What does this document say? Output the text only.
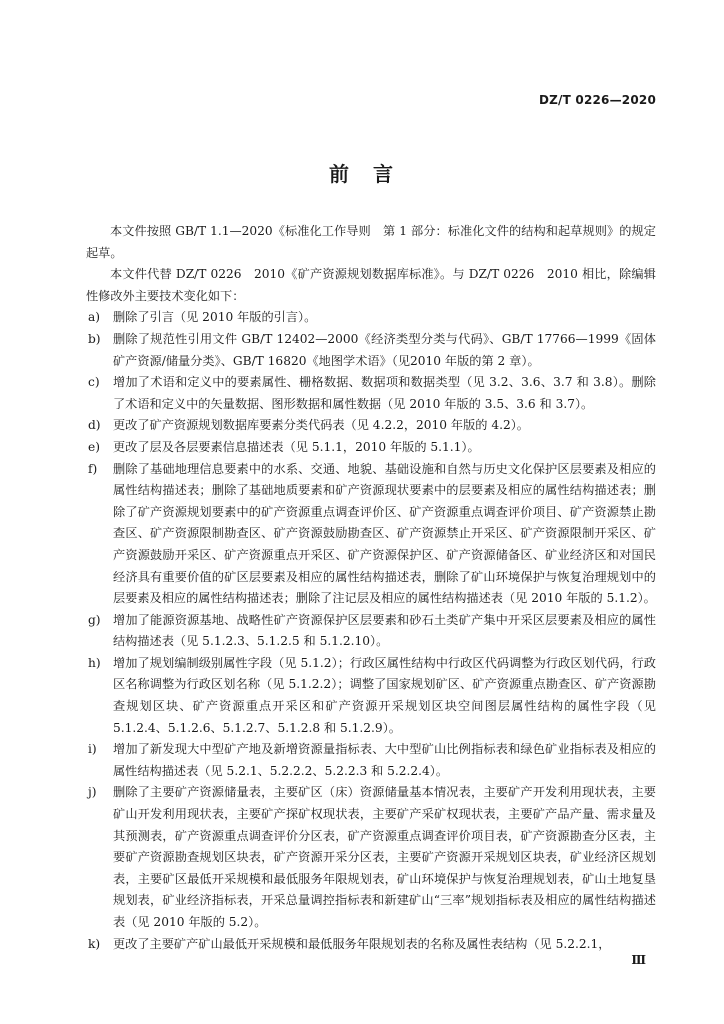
DZ/T 0226—2020
前　言

本文件按照 GB/T 1.1—2020《标准化工作导则　第 1 部分：标准化文件的结构和起草规则》的规定起草。

本文件代替 DZ/T 0226　2010《矿产资源规划数据库标准》。与 DZ/T 0226　2010 相比，除编辑性修改外主要技术变化如下：

a)	删除了引言（见 2010 年版的引言）。
b)	删除了规范性引用文件 GB/T 12402—2000《经济类型分类与代码》、GB/T 17766—1999《固体矿产资源/储量分类》、GB/T 16820《地图学术语》（见2010 年版的第 2 章）。
c)	增加了术语和定义中的要素属性、栅格数据、数据项和数据类型（见 3.2、3.6、3.7 和 3.8）。删除了术语和定义中的矢量数据、图形数据和属性数据（见 2010 年版的 3.5、3.6 和 3.7）。
d)	更改了矿产资源规划数据库要素分类代码表（见 4.2.2，2010 年版的 4.2）。
e)	更改了层及各层要素信息描述表（见 5.1.1，2010 年版的 5.1.1）。
f)	删除了基础地理信息要素中的水系、交通、地貌、基础设施和自然与历史文化保护区层要素及相应的属性结构描述表；删除了基础地质要素和矿产资源现状要素中的层要素及相应的属性结构描述表；删除了矿产资源规划要素中的矿产资源重点调查评价区、矿产资源重点调查评价项目、矿产资源禁止勘查区、矿产资源限制勘查区、矿产资源鼓励勘查区、矿产资源禁止开采区、矿产资源限制开采区、矿产资源鼓励开采区、矿产资源重点开采区、矿产资源保护区、矿产资源储备区、矿业经济区和对国民经济具有重要价值的矿区层要素及相应的属性结构描述表，删除了矿山环境保护与恢复治理规划中的层要素及相应的属性结构描述表；删除了注记层及相应的属性结构描述表（见 2010 年版的 5.1.2）。
g)	增加了能源资源基地、战略性矿产资源保护区层要素和砂石土类矿产集中开采区层要素及相应的属性结构描述表（见 5.1.2.3、5.1.2.5 和 5.1.2.10）。
h)	增加了规划编制级别属性字段（见 5.1.2）；行政区属性结构中行政区代码调整为行政区划代码，行政区名称调整为行政区划名称（见 5.1.2.2）；调整了国家规划矿区、矿产资源重点勘查区、矿产资源勘查规划区块、矿产资源重点开采区和矿产资源开采规划区块空间图层属性结构的属性字段（见 5.1.2.4、5.1.2.6、5.1.2.7、5.1.2.8 和 5.1.2.9）。
i)	增加了新发现大中型矿产地及新增资源量指标表、大中型矿山比例指标表和绿色矿业指标表及相应的属性结构描述表（见 5.2.1、5.2.2.2、5.2.2.3 和 5.2.2.4）。
j)	删除了主要矿产资源储量表，主要矿区（床）资源储量基本情况表，主要矿产开发利用现状表，主要矿山开发利用现状表，主要矿产探矿权现状表，主要矿产采矿权现状表，主要矿产品产量、需求量及其预测表，矿产资源重点调查评价分区表，矿产资源重点调查评价项目表，矿产资源勘查分区表，主要矿产资源勘查规划区块表，矿产资源开采分区表，主要矿产资源开采规划区块表，矿业经济区规划表，主要矿区最低开采规模和最低服务年限规划表，矿山环境保护与恢复治理规划表，矿山土地复垦规划表，矿业经济指标表，开采总量调控指标表和新建矿山“三率”规划指标表及相应的属性结构描述表（见 2010 年版的 5.2）。
k)	更改了主要矿产矿山最低开采规模和最低服务年限规划表的名称及属性表结构（见 5.2.2.1，
Ⅲ
